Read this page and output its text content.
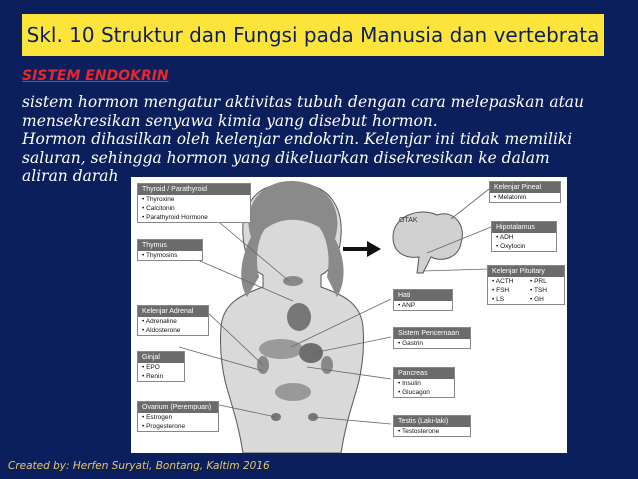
Skl. 10 Struktur dan Fungsi pada Manusia dan vertebrata
SISTEM ENDOKRIN
sistem hormon mengatur aktivitas tubuh dengan cara melepaskan atau
mensekresikan senyawa kimia yang disebut hormon.
Hormon dihasilkan oleh kelenjar endokrin. Kelenjar ini tidak memiliki
saluran, sehingga hormon yang dikeluarkan disekresikan ke dalam
aliran darah
OTAK
Thyroid / Parathyroid
• Thyroxine
• Calcitonin
• Parathyroid Hormone
Thymus
• Thymosins
Kelenjar Adrenal
• Adrenaline
• Aldosterone
Ginjal
• EPO
• Renin
Ovarium (Perempuan)
• Estrogen
• Progesterone
Kelenjar Pineal
• Melatonin
Hipotalamus
• ADH
• Oxytocin
Kelenjar Pituitary
• ACTH	• PRL
• FSH	• TSH
• LS	• GH
Hati
• ANP
Sistem Pencernaan
• Gastrin
Pancreas
• Insulin
• Glucagon
Testis (Laki-laki)
• Testosterone
Created by: Herfen Suryati, Bontang, Kaltim 2016
